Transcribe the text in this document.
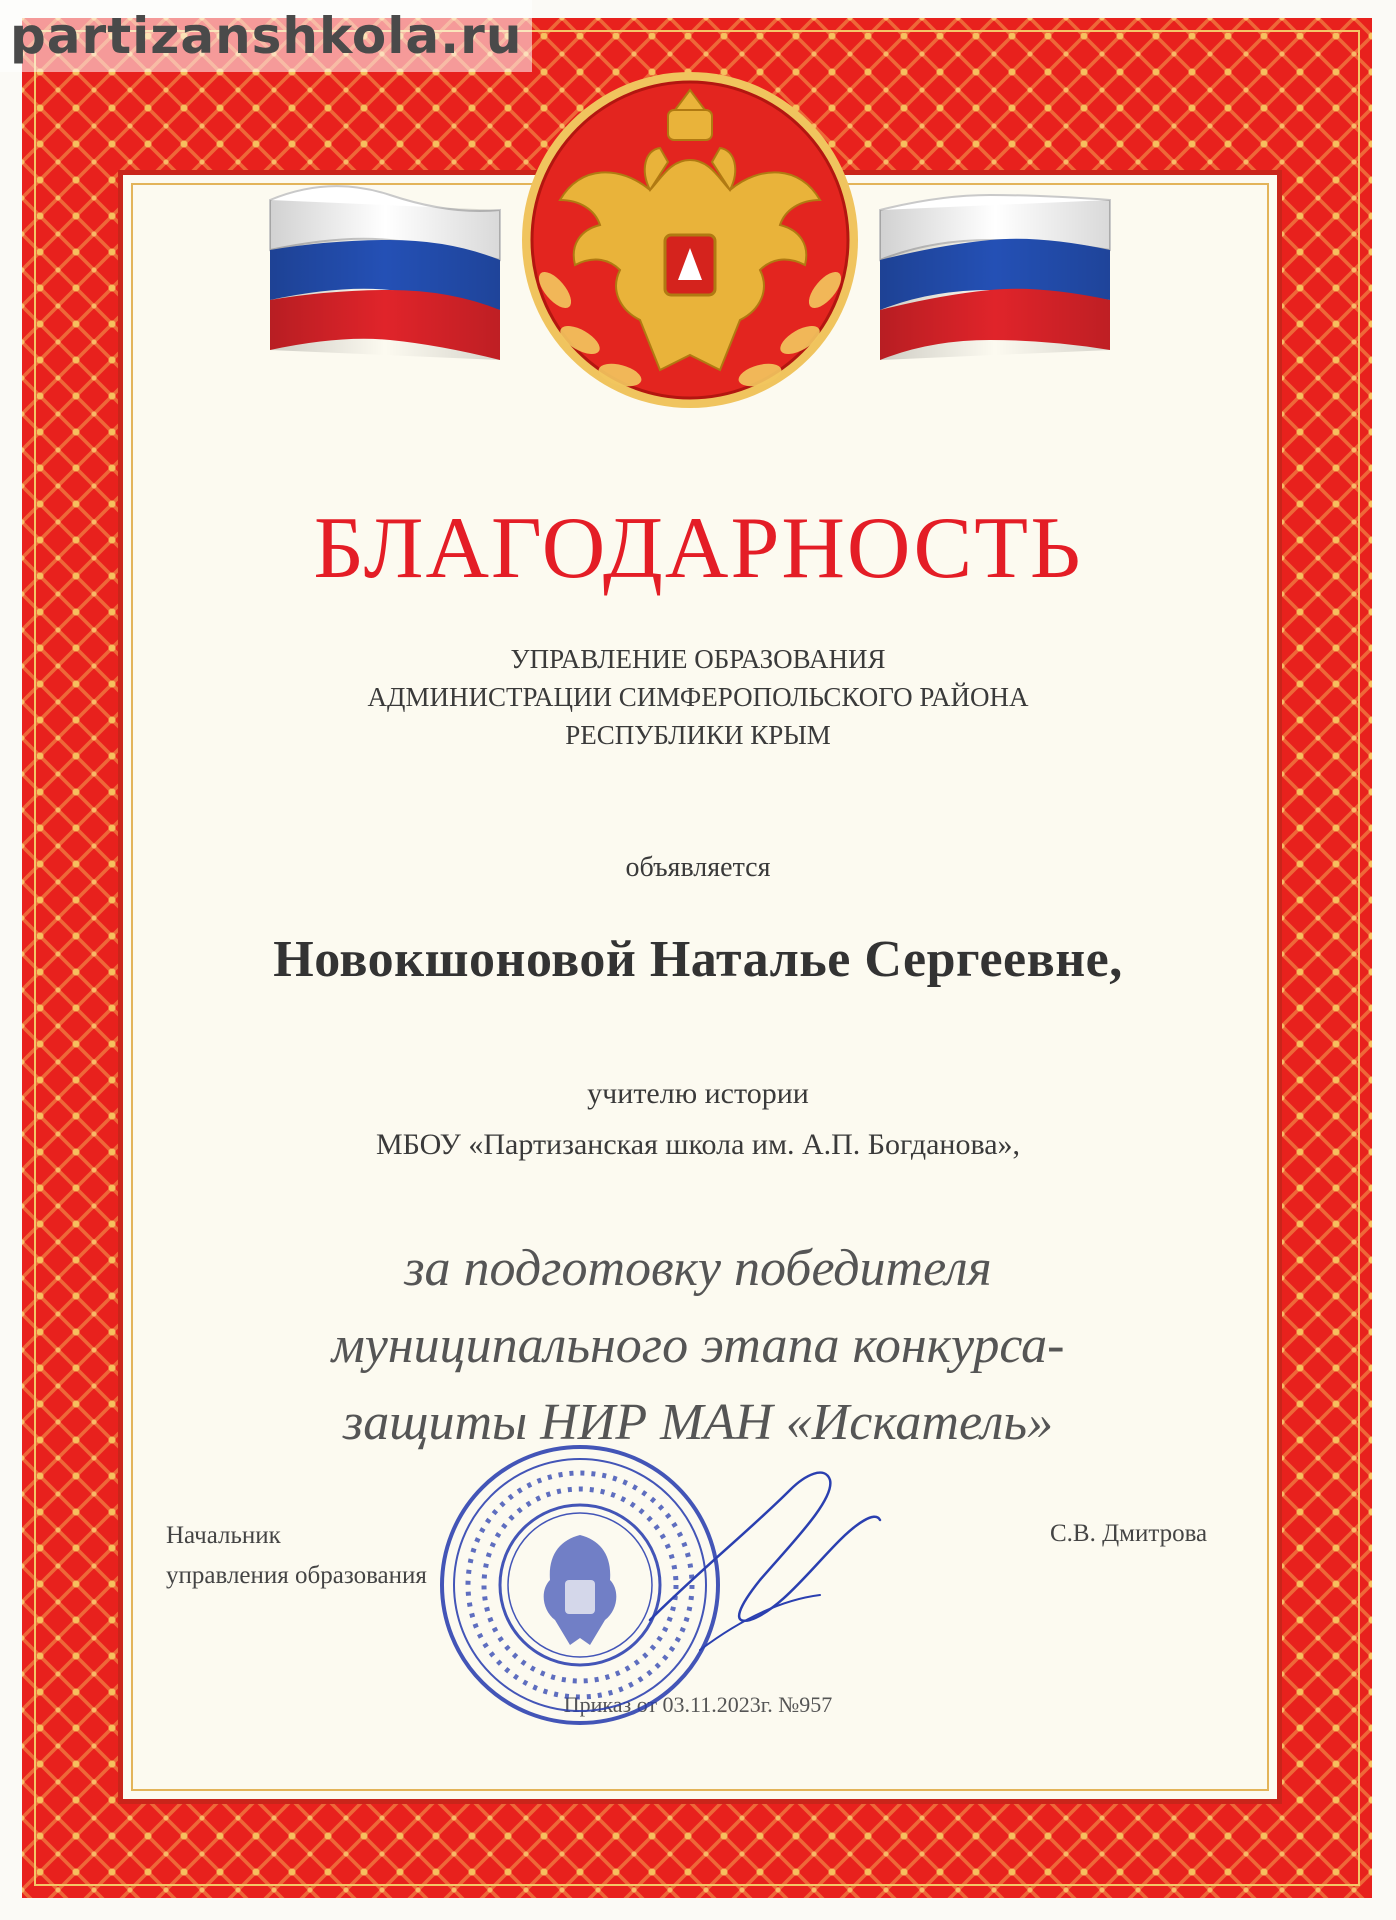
partizanshkola.ru
БЛАГОДАРНОСТЬ
УПРАВЛЕНИЕ ОБРАЗОВАНИЯ
АДМИНИСТРАЦИИ СИМФЕРОПОЛЬСКОГО РАЙОНА
РЕСПУБЛИКИ КРЫМ
объявляется
Новокшоновой Наталье Сергеевне,
учителю истории
МБОУ «Партизанская школа им. А.П. Богданова»,
за подготовку победителя
муниципального этапа конкурса-
защиты НИР МАН «Искатель»
Начальник
управления образования
С.В. Дмитрова
Приказ от 03.11.2023г. №957
